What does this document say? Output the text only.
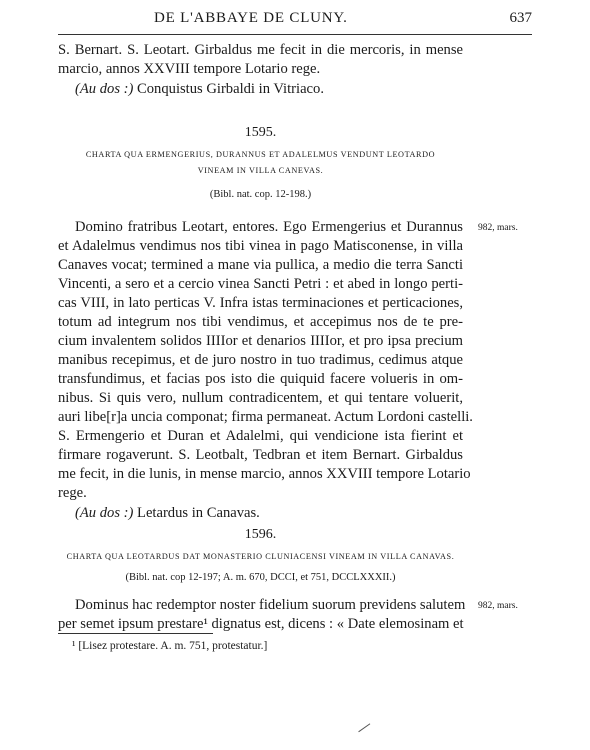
DE L'ABBAYE DE CLUNY.	637
S. Bernart. S. Leotart. Girbaldus me fecit in die mercoris, in mense
marcio, annos XXVIII tempore Lotario rege.
(Au dos :) Conquistus Girbaldi in Vitriaco.
1595.
CHARTA QUA ERMENGERIUS, DURANNUS ET ADALELMUS VENDUNT LEOTARDO
VINEAM IN VILLA CANEVAS.
(Bibl. nat. cop. 12-198.)
982, mars.
Domino fratribus Leotart, entores. Ego Ermengerius et Durannus
et Adalelmus vendimus nos tibi vinea in pago Matisconense, in villa
Canaves vocat; termined a mane via pullica, a medio die terra Sancti
Vincenti, a sero et a cercio vinea Sancti Petri : et abed in longo perti-
cas VIII, in lato perticas V. Infra istas terminaciones et perticaciones,
totum ad integrum nos tibi vendimus, et accepimus nos de te pre-
cium invalentem solidos IIIIor et denarios IIIIor, et pro ipsa precium
manibus recepimus, et de juro nostro in tuo tradimus, cedimus atque
transfundimus, et facias pos isto die quiquid facere volueris in om-
nibus. Si quis vero, nullum contradicentem, et qui tentare voluerit,
auri libe[r]a uncia componat; firma permaneat. Actum Lordoni castelli.
S. Ermengerio et Duran et Adalelmi, qui vendicione ista fierint et
firmare rogaverunt. S. Leotbalt, Tedbran et item Bernart. Girbaldus
me fecit, in die lunis, in mense marcio, annos XXVIII tempore Lotario
rege.
(Au dos :) Letardus in Canavas.
1596.
CHARTA QUA LEOTARDUS DAT MONASTERIO CLUNIACENSI VINEAM IN VILLA CANAVAS.
(Bibl. nat. cop 12-197; A. m. 670, DCCI, et 751, DCCLXXXII.)
982, mars.
Dominus hac redemptor noster fidelium suorum previdens salutem
per semet ipsum prestare¹ dignatus est, dicens : « Date elemosinam et
¹ [Lisez protestare. A. m. 751, protestatur.]
